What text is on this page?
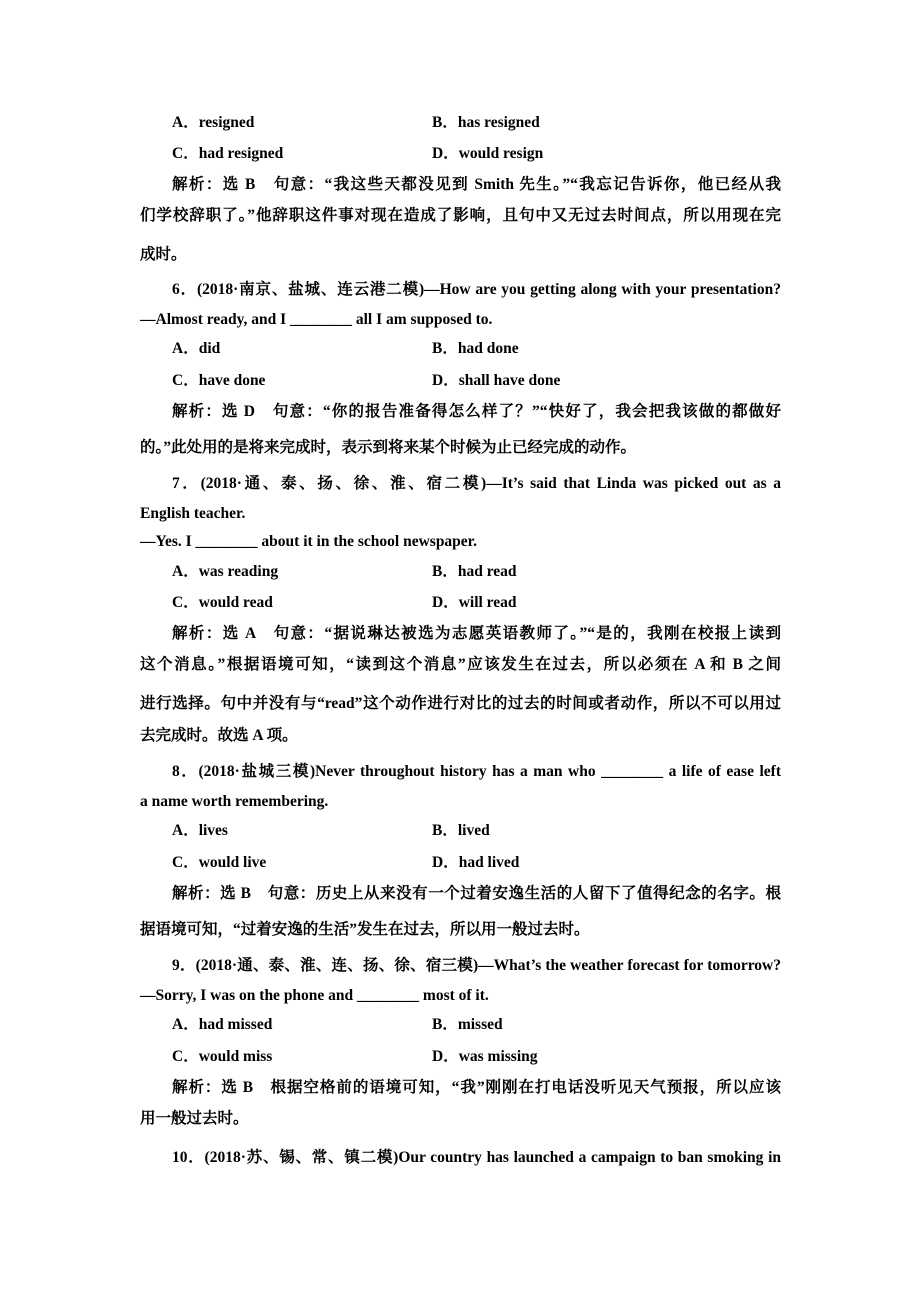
A．resigned	B．has resigned
C．had resigned	D．would resign
解析：选 B　句意：“我这些天都没见到 Smith 先生。”“我忘记告诉你，他已经从我
们学校辞职了。”他辞职这件事对现在造成了影响，且句中又无过去时间点，所以用现在完
成时。
6．(2018·南京、盐城、连云港二模)—How are you getting along with your presentation?
—Almost ready, and I ________ all I am supposed to.
A．did	B．had done
C．have done	D．shall have done
解析：选 D　句意：“你的报告准备得怎么样了？”“快好了，我会把我该做的都做好
的。”此处用的是将来完成时，表示到将来某个时候为止已经完成的动作。
7．(2018·通、泰、扬、徐、淮、宿二模)—It’s said that Linda was picked out as a
English teacher.
—Yes. I ________ about it in the school newspaper.
A．was reading	B．had read
C．would read	D．will read
解析：选 A　句意：“据说琳达被选为志愿英语教师了。”“是的，我刚在校报上读到
这个消息。”根据语境可知，“读到这个消息”应该发生在过去，所以必须在 A 和 B 之间
进行选择。句中并没有与“read”这个动作进行对比的过去的时间或者动作，所以不可以用过
去完成时。故选 A 项。
8．(2018·盐城三模)Never throughout history has a man who ________ a life of ease left
a name worth remembering.
A．lives	B．lived
C．would live	D．had lived
解析：选 B　句意：历史上从来没有一个过着安逸生活的人留下了值得纪念的名字。根
据语境可知，“过着安逸的生活”发生在过去，所以用一般过去时。
9．(2018·通、泰、淮、连、扬、徐、宿三模)—What’s the weather forecast for tomorrow?
—Sorry, I was on the phone and ________ most of it.
A．had missed	B．missed
C．would miss	D．was missing
解析：选 B　根据空格前的语境可知，“我”刚刚在打电话没听见天气预报，所以应该
用一般过去时。
10．(2018·苏、锡、常、镇二模)Our country has launched a campaign to ban smoking in
